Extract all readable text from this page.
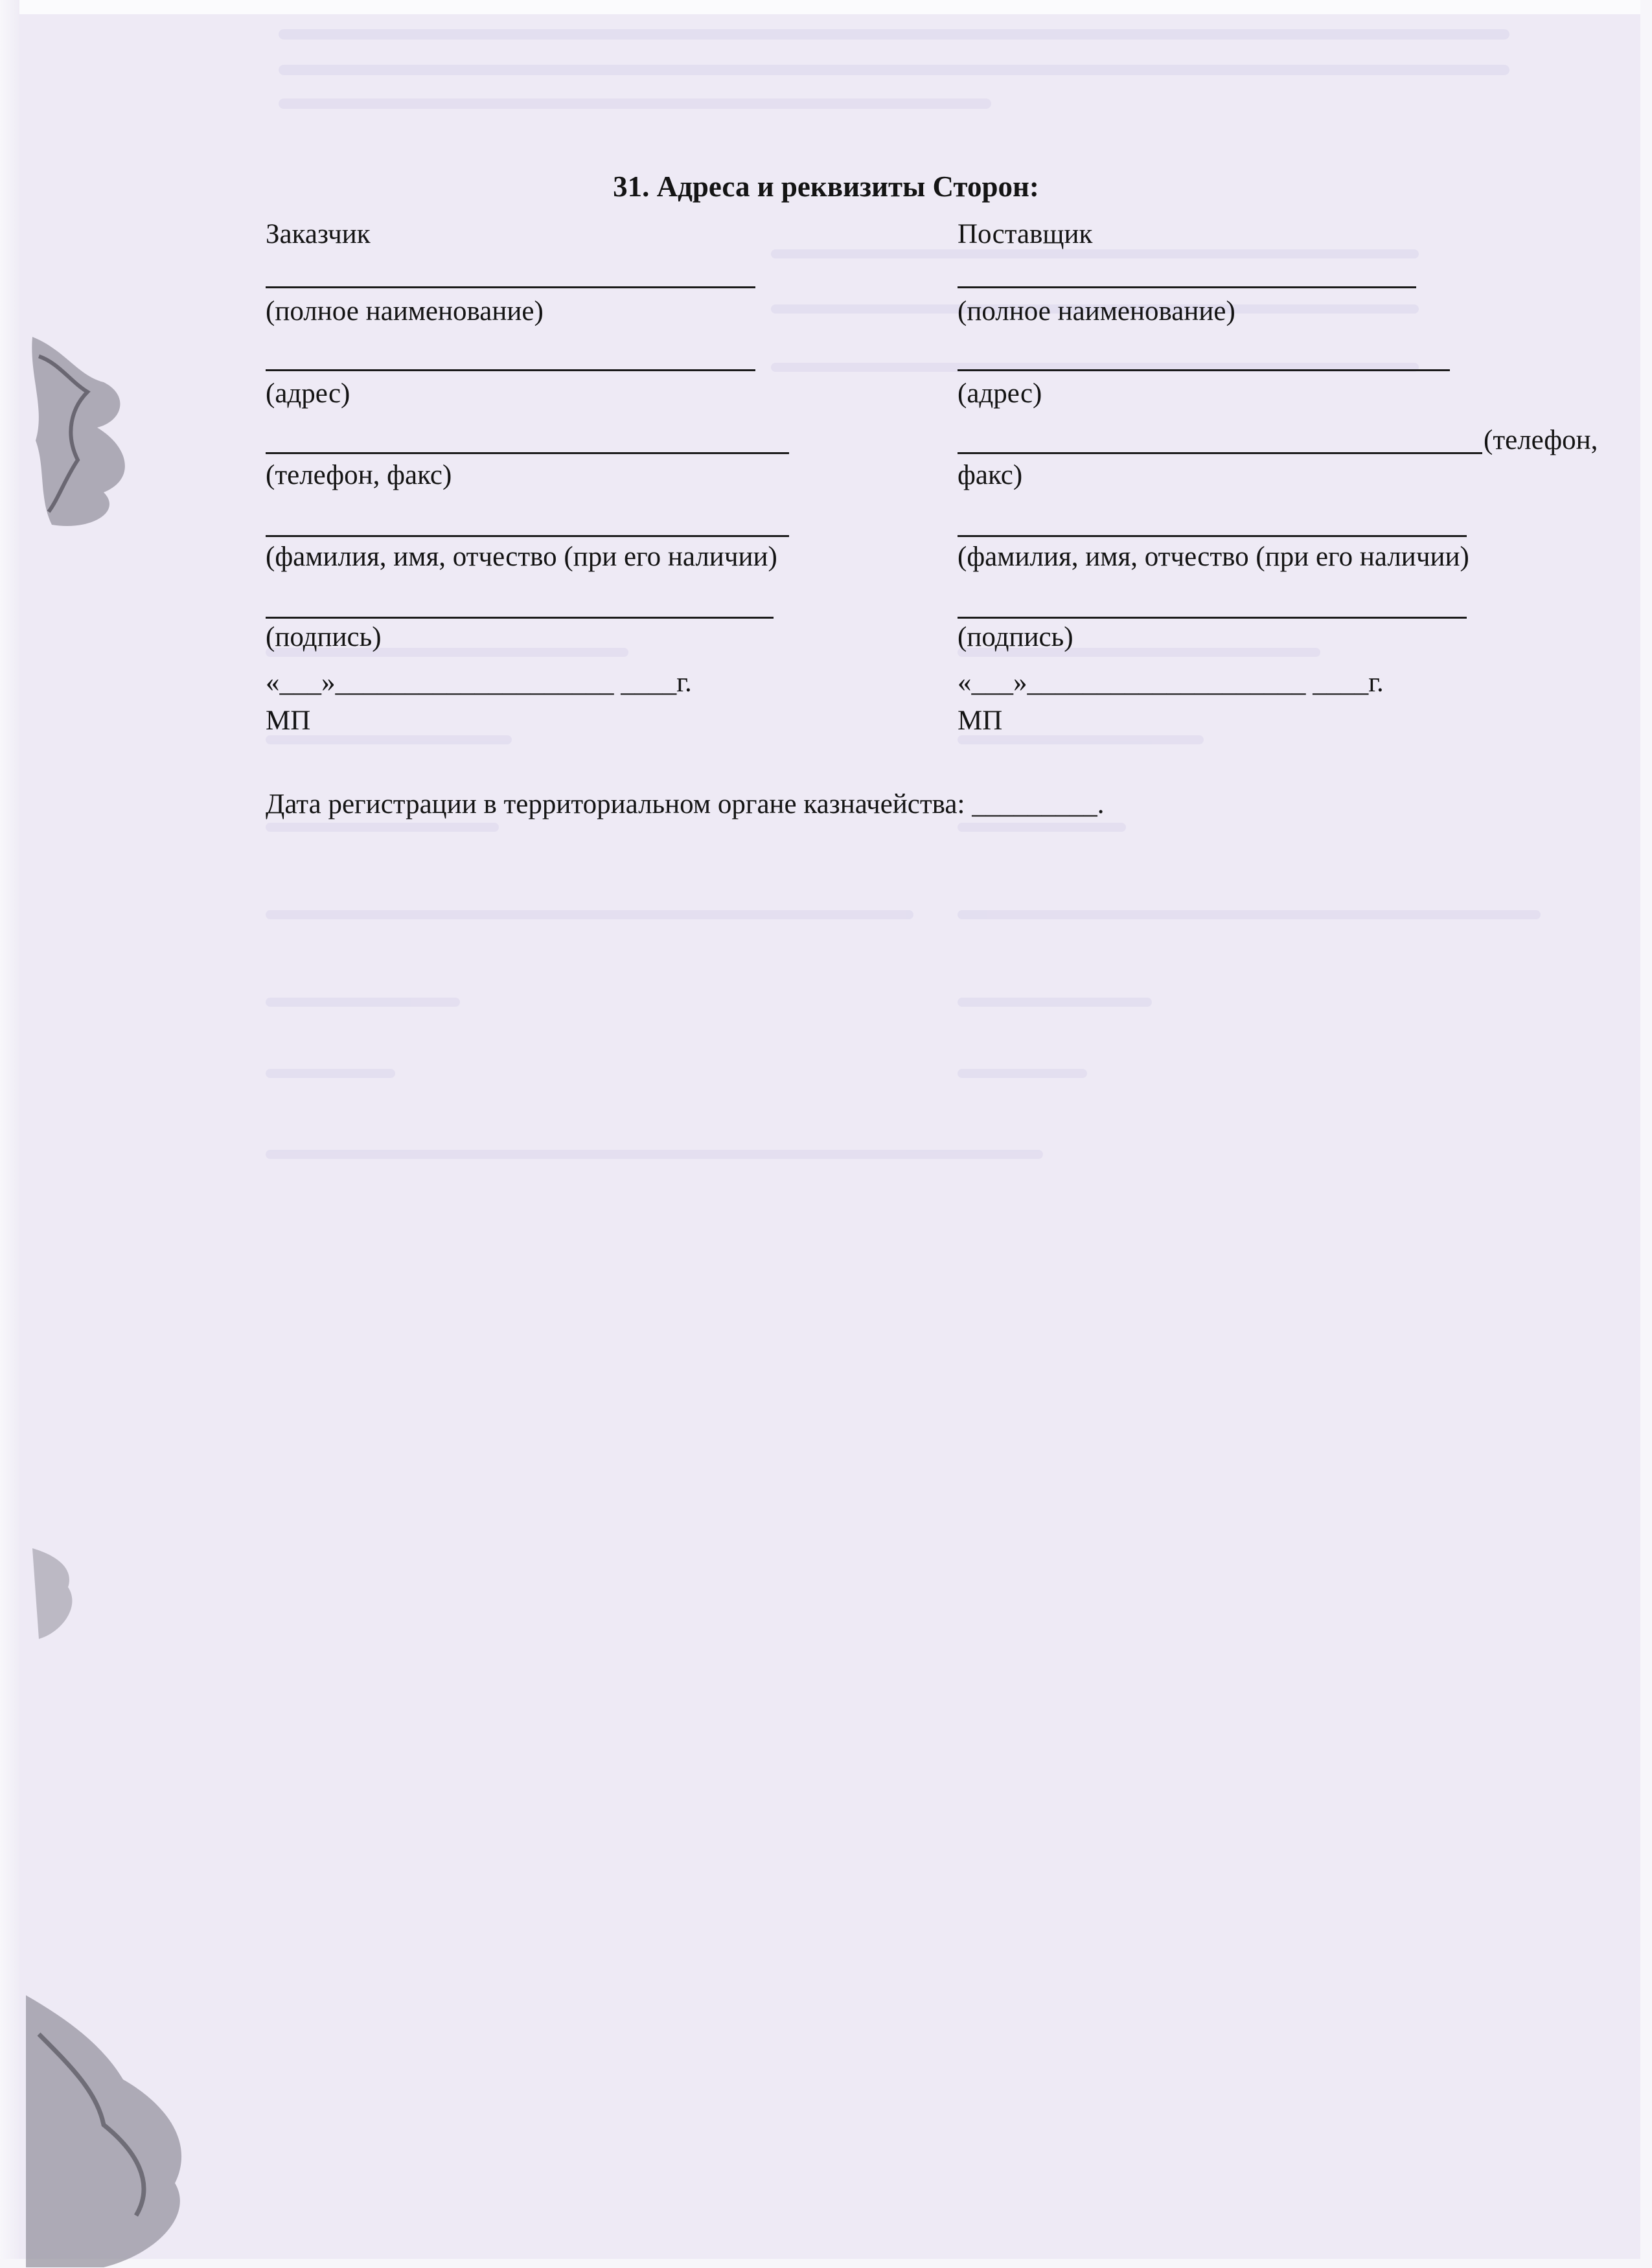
31. Адреса и реквизиты Сторон:
Заказчик
(полное наименование)
(адрес)
(телефон, факс)
(фамилия, имя, отчество (при его наличии)
(подпись)
«___»____________________ ____г.
МП
Поставщик
(полное наименование)
(адрес)
(телефон,
факс)
(фамилия, имя, отчество (при его наличии)
(подпись)
«___»____________________ ____г.
МП
Дата регистрации в территориальном органе казначейства: _________.
